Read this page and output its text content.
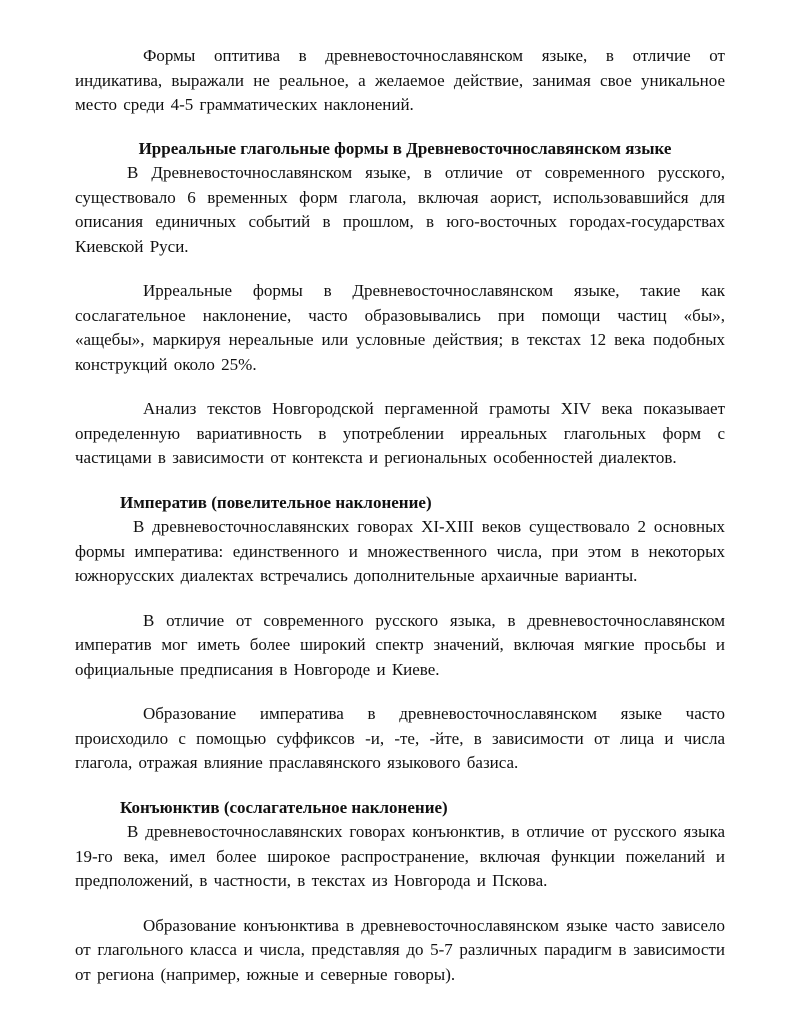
Формы оптитива в древневосточнославянском языке, в отличие от индикатива, выражали не реальное, а желаемое действие, занимая свое уникальное место среди 4-5 грамматических наклонений.

Ирреальные глагольные формы в Древневосточнославянском языке

В Древневосточнославянском языке, в отличие от современного русского, существовало 6 временных форм глагола, включая аорист, использовавшийся для описания единичных событий в прошлом, в юго-восточных городах-государствах Киевской Руси.

Ирреальные формы в Древневосточнославянском языке, такие как сослагательное наклонение, часто образовывались при помощи частиц «бы», «ащебы», маркируя нереальные или условные действия; в текстах 12 века подобных конструкций около 25%.

Анализ текстов Новгородской пергаменной грамоты XIV века показывает определенную вариативность в употреблении ирреальных глагольных форм с частицами в зависимости от контекста и региональных особенностей диалектов.

Императив (повелительное наклонение)

В древневосточнославянских говорах XI-XIII веков существовало 2 основных формы императива: единственного и множественного числа, при этом в некоторых южнорусских диалектах встречались дополнительные архаичные варианты.

В отличие от современного русского языка, в древневосточнославянском императив мог иметь более широкий спектр значений, включая мягкие просьбы и официальные предписания в Новгороде и Киеве.

Образование императива в древневосточнославянском языке часто происходило с помощью суффиксов -и, -те, -йте, в зависимости от лица и числа глагола, отражая влияние праславянского языкового базиса.

Конъюнктив (сослагательное наклонение)

В древневосточнославянских говорах конъюнктив, в отличие от русского языка 19-го века, имел более широкое распространение, включая функции пожеланий и предположений, в частности, в текстах из Новгорода и Пскова.

Образование конъюнктива в древневосточнославянском языке часто зависело от глагольного класса и числа, представляя до 5-7 различных парадигм в зависимости от региона (например, южные и северные говоры).
